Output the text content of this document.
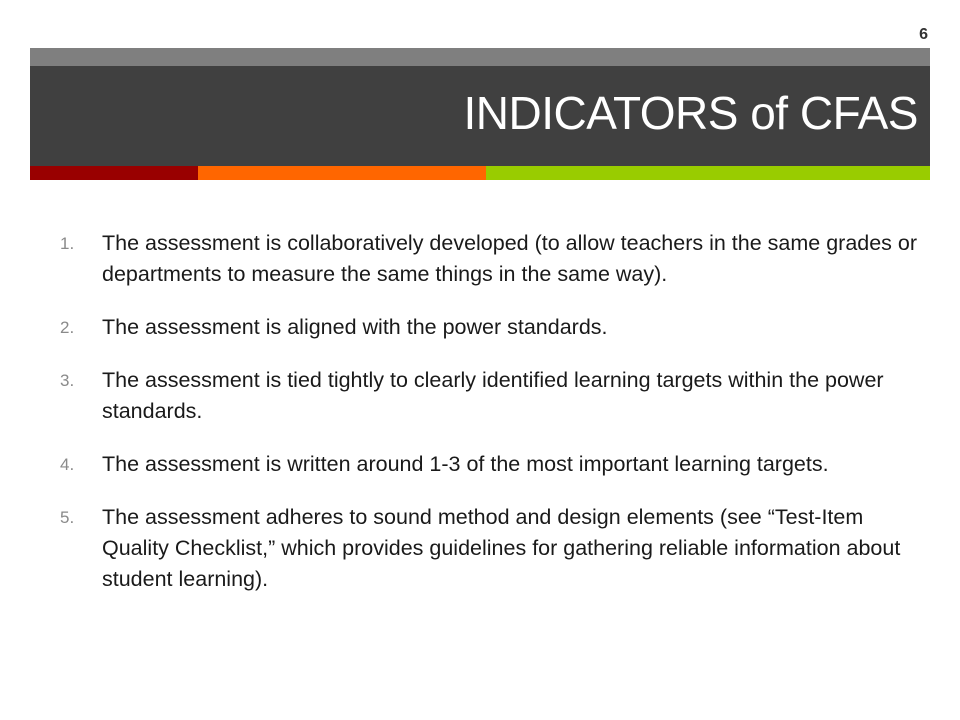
6
INDICATORS of CFAS
1.	The assessment is collaboratively developed (to allow teachers in the same grades or departments to measure the same things in the same way).
2.	The assessment is aligned with the power standards.
3.	The assessment is tied tightly to clearly identified learning targets within the power standards.
4.	The assessment is written around 1-3 of the most important learning targets.
5.	The assessment adheres to sound method and design elements (see “Test-Item Quality Checklist,” which provides guidelines for gathering reliable information about student learning).
